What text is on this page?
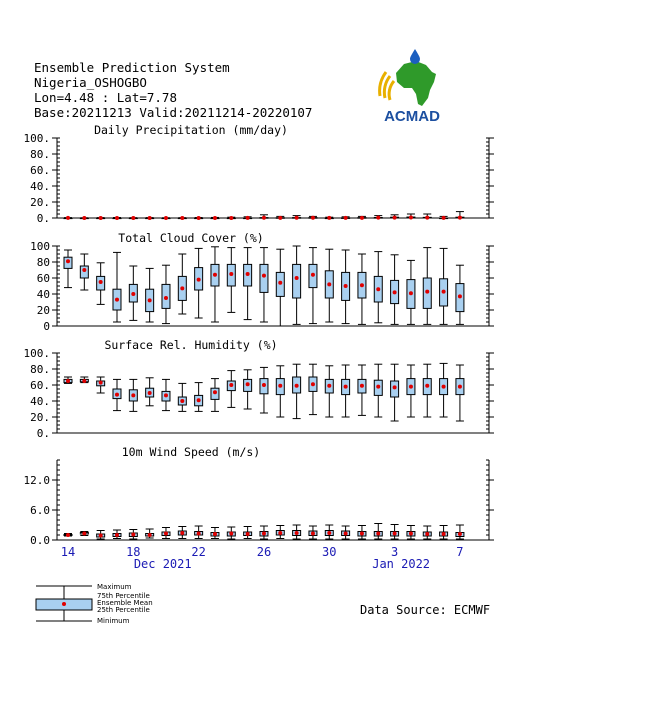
Ensemble Prediction System
Nigeria_OSHOGBO
Lon=4.48 : Lat=7.78
Base:20211213 Valid:20211214-20220107	ACMAD
Daily Precipitation (mm/day)
0.
20.
40.
60.
80.
100.
Total Cloud Cover (%)
0
20
40
60
80
100
Surface Rel. Humidity (%)
0.
20.
40.
60.
80.
100.
10m Wind Speed (m/s)
0.0
6.0
12.0
14	18	22	26	30	3	7
Dec 2021	Jan 2022
Maximum
75th Percentile
Ensemble Mean
25th Percentile
Minimum
Data Source: ECMWF
